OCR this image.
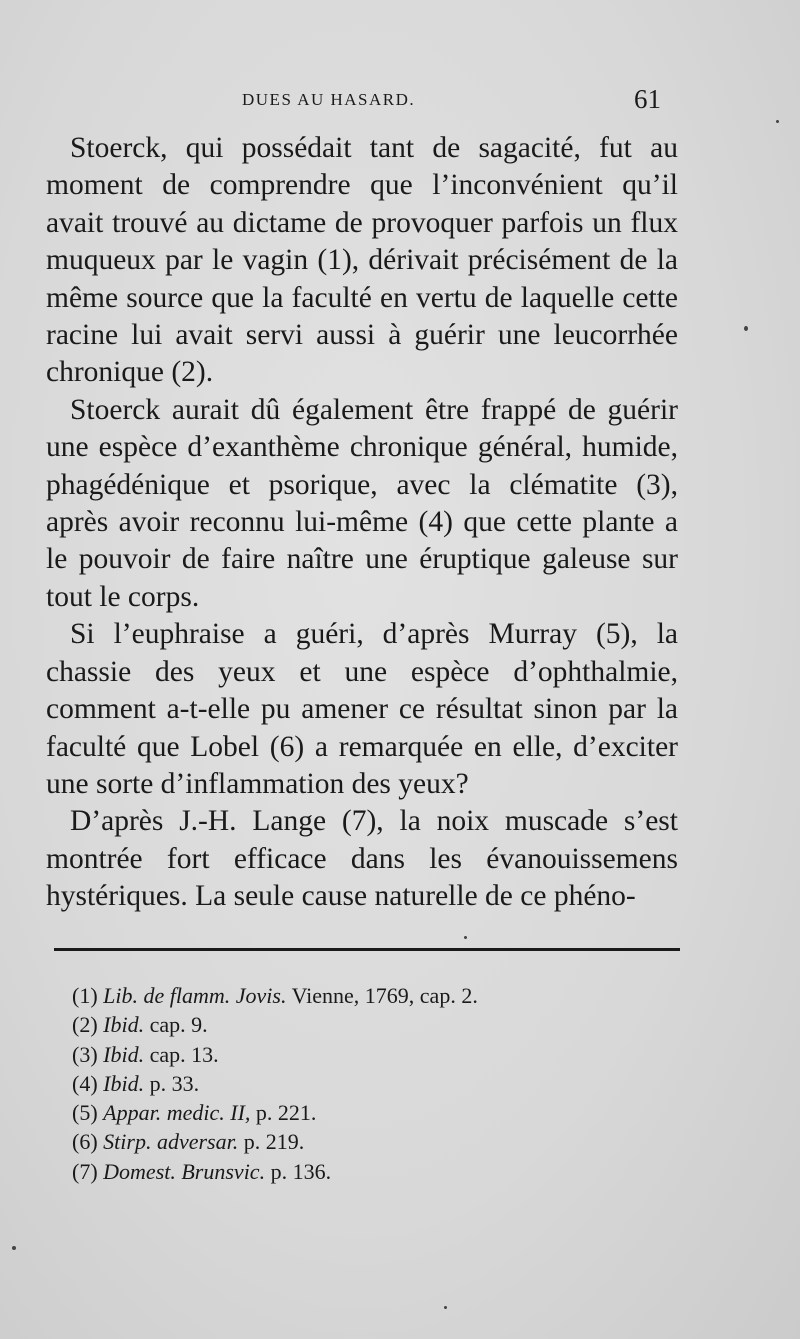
DUES AU HASARD.	61

Stoerck, qui possédait tant de sagacité, fut au moment de comprendre que l’inconvénient qu’il avait trouvé au dictame de provoquer parfois un flux muqueux par le vagin (1), dérivait précisément de la même source que la faculté en vertu de laquelle cette racine lui avait servi aussi à guérir une leucorrhée chronique (2).

Stoerck aurait dû également être frappé de guérir une espèce d’exanthème chronique général, humide, phagédénique et psorique, avec la clématite (3), après avoir reconnu lui-même (4) que cette plante a le pouvoir de faire naître une éruptique galeuse sur tout le corps.

Si l’euphraise a guéri, d’après Murray (5), la chassie des yeux et une espèce d’ophthalmie, comment a-t-elle pu amener ce résultat sinon par la faculté que Lobel (6) a remarquée en elle, d’exciter une sorte d’inflammation des yeux?

D’après J.-H. Lange (7), la noix muscade s’est montrée fort efficace dans les évanouissemens hystériques. La seule cause naturelle de ce phéno-

(1) Lib. de flamm. Jovis. Vienne, 1769, cap. 2.
(2) Ibid. cap. 9.
(3) Ibid. cap. 13.
(4) Ibid. p. 33.
(5) Appar. medic. II, p. 221.
(6) Stirp. adversar. p. 219.
(7) Domest. Brunsvic. p. 136.
